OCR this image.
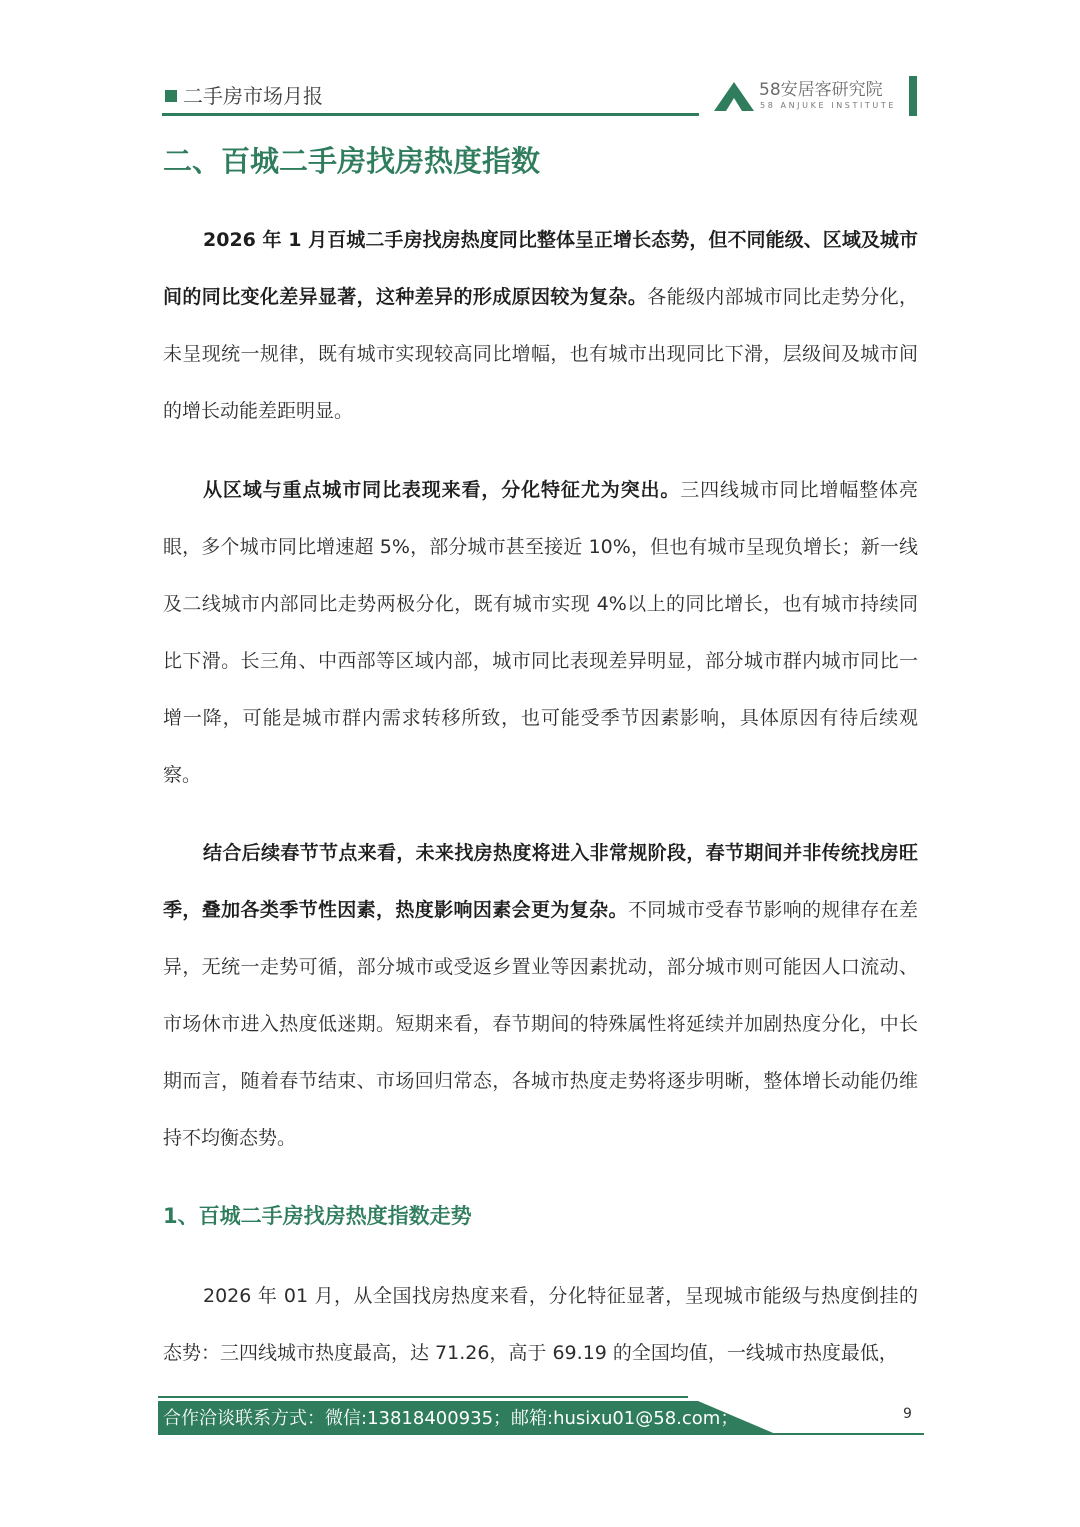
二手房市场月报	58安居客研究院
58 ANJUKE INSTITUTE
二、百城二手房找房热度指数
2026 年 1 月百城二手房找房热度同比整体呈正增长态势，但不同能级、区域及城市间的同比变化差异显著，这种差异的形成原因较为复杂。各能级内部城市同比走势分化，未呈现统一规律，既有城市实现较高同比增幅，也有城市出现同比下滑，层级间及城市间的增长动能差距明显。
从区域与重点城市同比表现来看，分化特征尤为突出。三四线城市同比增幅整体亮眼，多个城市同比增速超 5%，部分城市甚至接近 10%，但也有城市呈现负增长；新一线及二线城市内部同比走势两极分化，既有城市实现 4%以上的同比增长，也有城市持续同比下滑。长三角、中西部等区域内部，城市同比表现差异明显，部分城市群内城市同比一增一降，可能是城市群内需求转移所致，也可能受季节因素影响，具体原因有待后续观察。
结合后续春节节点来看，未来找房热度将进入非常规阶段，春节期间并非传统找房旺季，叠加各类季节性因素，热度影响因素会更为复杂。不同城市受春节影响的规律存在差异，无统一走势可循，部分城市或受返乡置业等因素扰动，部分城市则可能因人口流动、市场休市进入热度低迷期。短期来看，春节期间的特殊属性将延续并加剧热度分化，中长期而言，随着春节结束、市场回归常态，各城市热度走势将逐步明晰，整体增长动能仍维持不均衡态势。
1、百城二手房找房热度指数走势
2026 年 01 月，从全国找房热度来看，分化特征显著，呈现城市能级与热度倒挂的态势：三四线城市热度最高，达 71.26，高于 69.19 的全国均值，一线城市热度最低，
合作洽谈联系方式：微信:13818400935；邮箱:husixu01@58.com；	9
